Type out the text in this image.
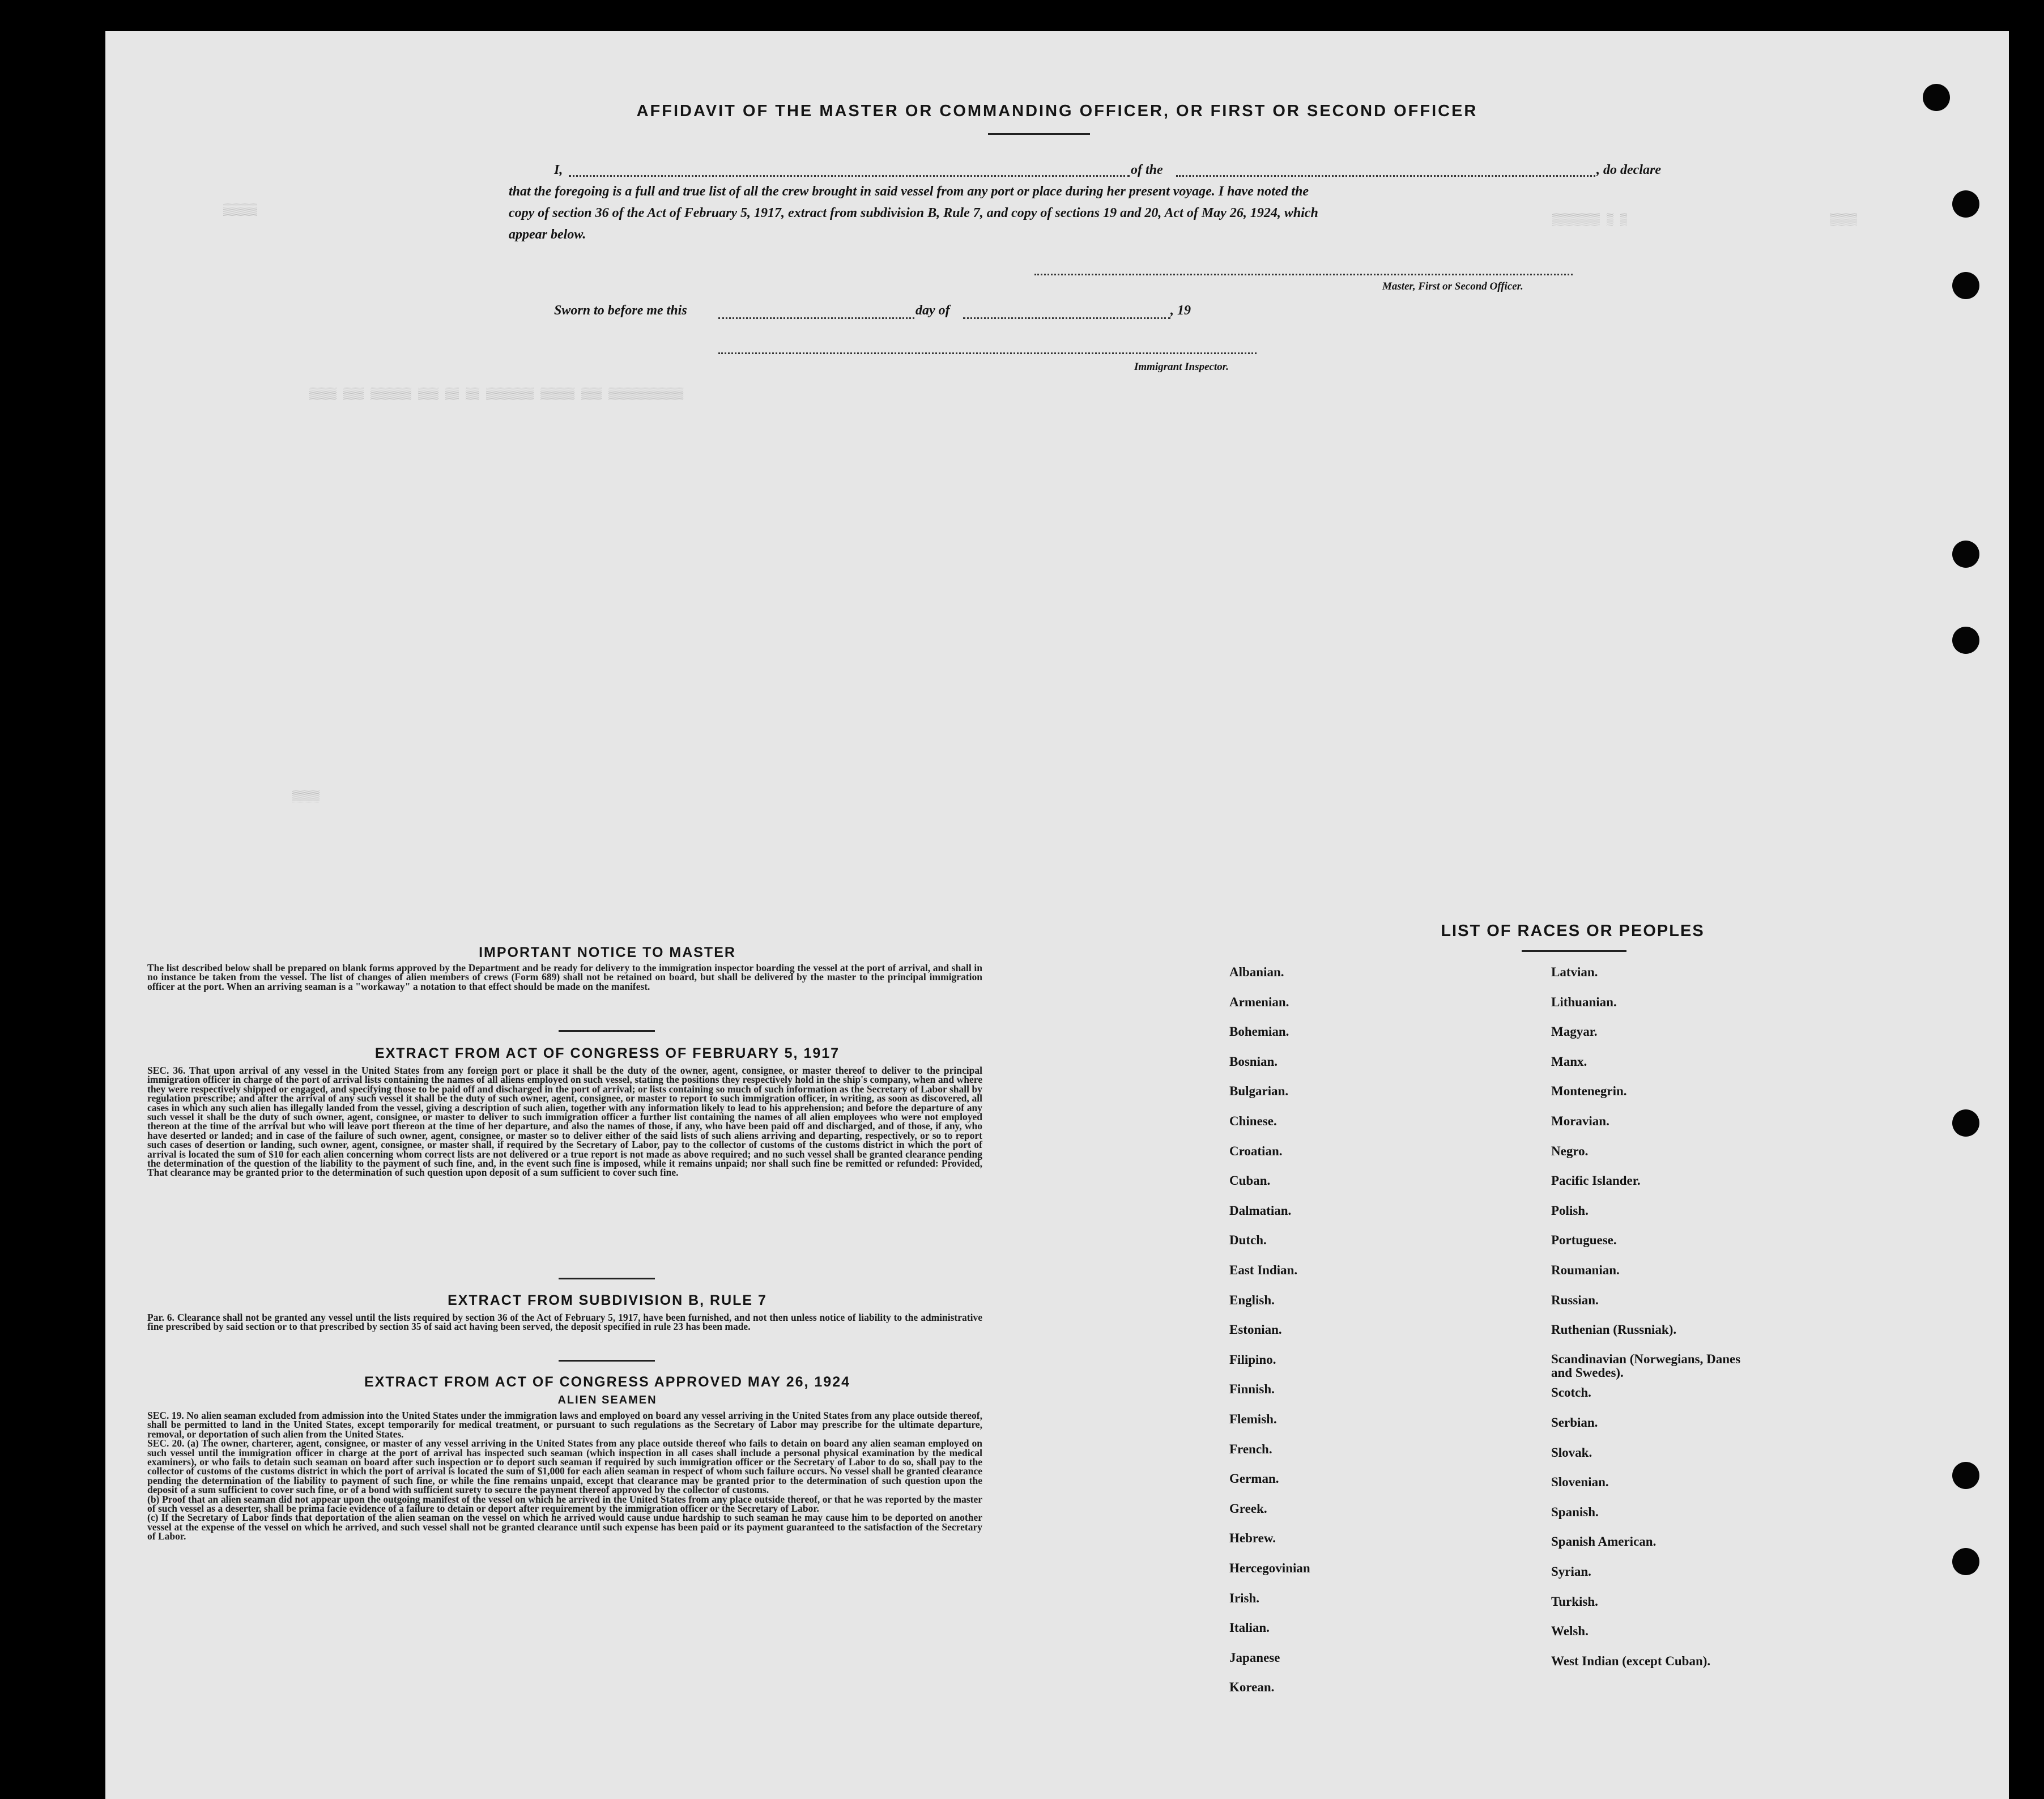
AFFIDAVIT OF THE MASTER OR COMMANDING OFFICER, OR FIRST OR SECOND OFFICER
I,	of the	, do declare
that the foregoing is a full and true list of all the crew brought in said vessel from any port or place during her present voyage. I have noted the
copy of section 36 of the Act of February 5, 1917, extract from subdivision B, Rule 7, and copy of sections 19 and 20, Act of May 26, 1924, which
appear below.
Master, First or Second Officer.
Sworn to before me this	day of	, 19
Immigrant Inspector.
▒▒▒▒▒
▒▒▒▒▒▒▒ ▒ ▒	▒▒▒▒
▒▒▒▒ ▒▒▒ ▒▒▒▒▒▒ ▒▒▒ ▒▒ ▒▒ ▒▒▒▒▒▒▒ ▒▒▒▒▒ ▒▒▒ ▒▒▒▒▒▒▒▒▒▒▒
▒▒▒▒
IMPORTANT NOTICE TO MASTER
The list described below shall be prepared on blank forms approved by the Department and be ready for delivery to the immigration inspector boarding the vessel at the port of arrival, and shall in no instance be taken from the vessel. The list of changes of alien members of crews (Form 689) shall not be retained on board, but shall be delivered by the master to the principal immigration officer at the port. When an arriving seaman is a "workaway" a notation to that effect should be made on the manifest.
EXTRACT FROM ACT OF CONGRESS OF FEBRUARY 5, 1917
SEC. 36. That upon arrival of any vessel in the United States from any foreign port or place it shall be the duty of the owner, agent, consignee, or master thereof to deliver to the principal immigration officer in charge of the port of arrival lists containing the names of all aliens employed on such vessel, stating the positions they respectively hold in the ship's company, when and where they were respectively shipped or engaged, and specifying those to be paid off and discharged in the port of arrival; or lists containing so much of such information as the Secretary of Labor shall by regulation prescribe; and after the arrival of any such vessel it shall be the duty of such owner, agent, consignee, or master to report to such immigration officer, in writing, as soon as discovered, all cases in which any such alien has illegally landed from the vessel, giving a description of such alien, together with any information likely to lead to his apprehension; and before the departure of any such vessel it shall be the duty of such owner, agent, consignee, or master to deliver to such immigration officer a further list containing the names of all alien employees who were not employed thereon at the time of the arrival but who will leave port thereon at the time of her departure, and also the names of those, if any, who have been paid off and discharged, and of those, if any, who have deserted or landed; and in case of the failure of such owner, agent, consignee, or master so to deliver either of the said lists of such aliens arriving and departing, respectively, or so to report such cases of desertion or landing, such owner, agent, consignee, or master shall, if required by the Secretary of Labor, pay to the collector of customs of the customs district in which the port of arrival is located the sum of $10 for each alien concerning whom correct lists are not delivered or a true report is not made as above required; and no such vessel shall be granted clearance pending the determination of the question of the liability to the payment of such fine, and, in the event such fine is imposed, while it remains unpaid; nor shall such fine be remitted or refunded: Provided, That clearance may be granted prior to the determination of such question upon deposit of a sum sufficient to cover such fine.
EXTRACT FROM SUBDIVISION B, RULE 7
Par. 6. Clearance shall not be granted any vessel until the lists required by section 36 of the Act of February 5, 1917, have been furnished, and not then unless notice of liability to the administrative fine prescribed by said section or to that prescribed by section 35 of said act having been served, the deposit specified in rule 23 has been made.
EXTRACT FROM ACT OF CONGRESS APPROVED MAY 26, 1924
ALIEN SEAMEN
SEC. 19. No alien seaman excluded from admission into the United States under the immigration laws and employed on board any vessel arriving in the United States from any place outside thereof, shall be permitted to land in the United States, except temporarily for medical treatment, or pursuant to such regulations as the Secretary of Labor may prescribe for the ultimate departure, removal, or deportation of such alien from the United States.
SEC. 20. (a) The owner, charterer, agent, consignee, or master of any vessel arriving in the United States from any place outside thereof who fails to detain on board any alien seaman employed on such vessel until the immigration officer in charge at the port of arrival has inspected such seaman (which inspection in all cases shall include a personal physical examination by the medical examiners), or who fails to detain such seaman on board after such inspection or to deport such seaman if required by such immigration officer or the Secretary of Labor to do so, shall pay to the collector of customs of the customs district in which the port of arrival is located the sum of $1,000 for each alien seaman in respect of whom such failure occurs. No vessel shall be granted clearance pending the determination of the liability to payment of such fine, or while the fine remains unpaid, except that clearance may be granted prior to the determination of such question upon the deposit of a sum sufficient to cover such fine, or of a bond with sufficient surety to secure the payment thereof approved by the collector of customs.
(b) Proof that an alien seaman did not appear upon the outgoing manifest of the vessel on which he arrived in the United States from any place outside thereof, or that he was reported by the master of such vessel as a deserter, shall be prima facie evidence of a failure to detain or deport after requirement by the immigration officer or the Secretary of Labor.
(c) If the Secretary of Labor finds that deportation of the alien seaman on the vessel on which he arrived would cause undue hardship to such seaman he may cause him to be deported on another vessel at the expense of the vessel on which he arrived, and such vessel shall not be granted clearance until such expense has been paid or its payment guaranteed to the satisfaction of the Secretary of Labor.
LIST OF RACES OR PEOPLES
Albanian.
Armenian.
Bohemian.
Bosnian.
Bulgarian.
Chinese.
Croatian.
Cuban.
Dalmatian.
Dutch.
East Indian.
English.
Estonian.
Filipino.
Finnish.
Flemish.
French.
German.
Greek.
Hebrew.
Hercegovinian
Irish.
Italian.
Japanese
Korean.
Latvian.
Lithuanian.
Magyar.
Manx.
Montenegrin.
Moravian.
Negro.
Pacific Islander.
Polish.
Portuguese.
Roumanian.
Russian.
Ruthenian (Russniak).
Scandinavian (Norwegians, Danes and Swedes).
Scotch.
Serbian.
Slovak.
Slovenian.
Spanish.
Spanish American.
Syrian.
Turkish.
Welsh.
West Indian (except Cuban).
